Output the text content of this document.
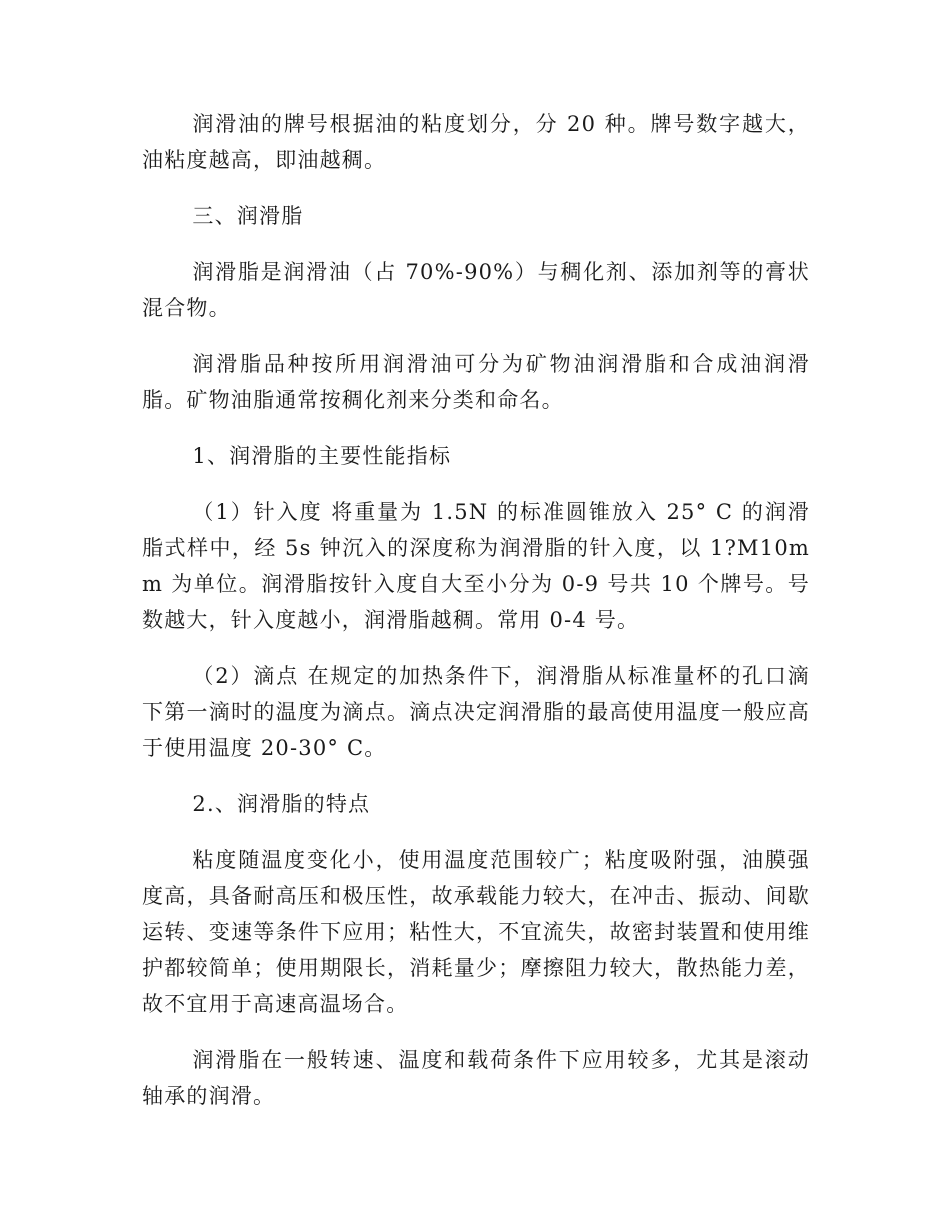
润滑油的牌号根据油的粘度划分，分 20 种。牌号数字越大，油粘度越高，即油越稠。

三、润滑脂

润滑脂是润滑油（占 70%-90%）与稠化剂、添加剂等的膏状混合物。

润滑脂品种按所用润滑油可分为矿物油润滑脂和合成油润滑脂。矿物油脂通常按稠化剂来分类和命名。

1、润滑脂的主要性能指标

（1）针入度 将重量为 1.5N 的标准圆锥放入 25° C 的润滑脂式样中，经 5s 钟沉入的深度称为润滑脂的针入度，以 1?M10mm 为单位。润滑脂按针入度自大至小分为 0-9 号共 10 个牌号。号数越大，针入度越小，润滑脂越稠。常用 0-4 号。

（2）滴点 在规定的加热条件下，润滑脂从标准量杯的孔口滴下第一滴时的温度为滴点。滴点决定润滑脂的最高使用温度一般应高于使用温度 20-30° C。

2.、润滑脂的特点

粘度随温度变化小，使用温度范围较广；粘度吸附强，油膜强度高，具备耐高压和极压性，故承载能力较大，在冲击、振动、间歇运转、变速等条件下应用；粘性大，不宜流失，故密封装置和使用维护都较简单；使用期限长，消耗量少；摩擦阻力较大，散热能力差，故不宜用于高速高温场合。

润滑脂在一般转速、温度和载荷条件下应用较多，尤其是滚动轴承的润滑。
